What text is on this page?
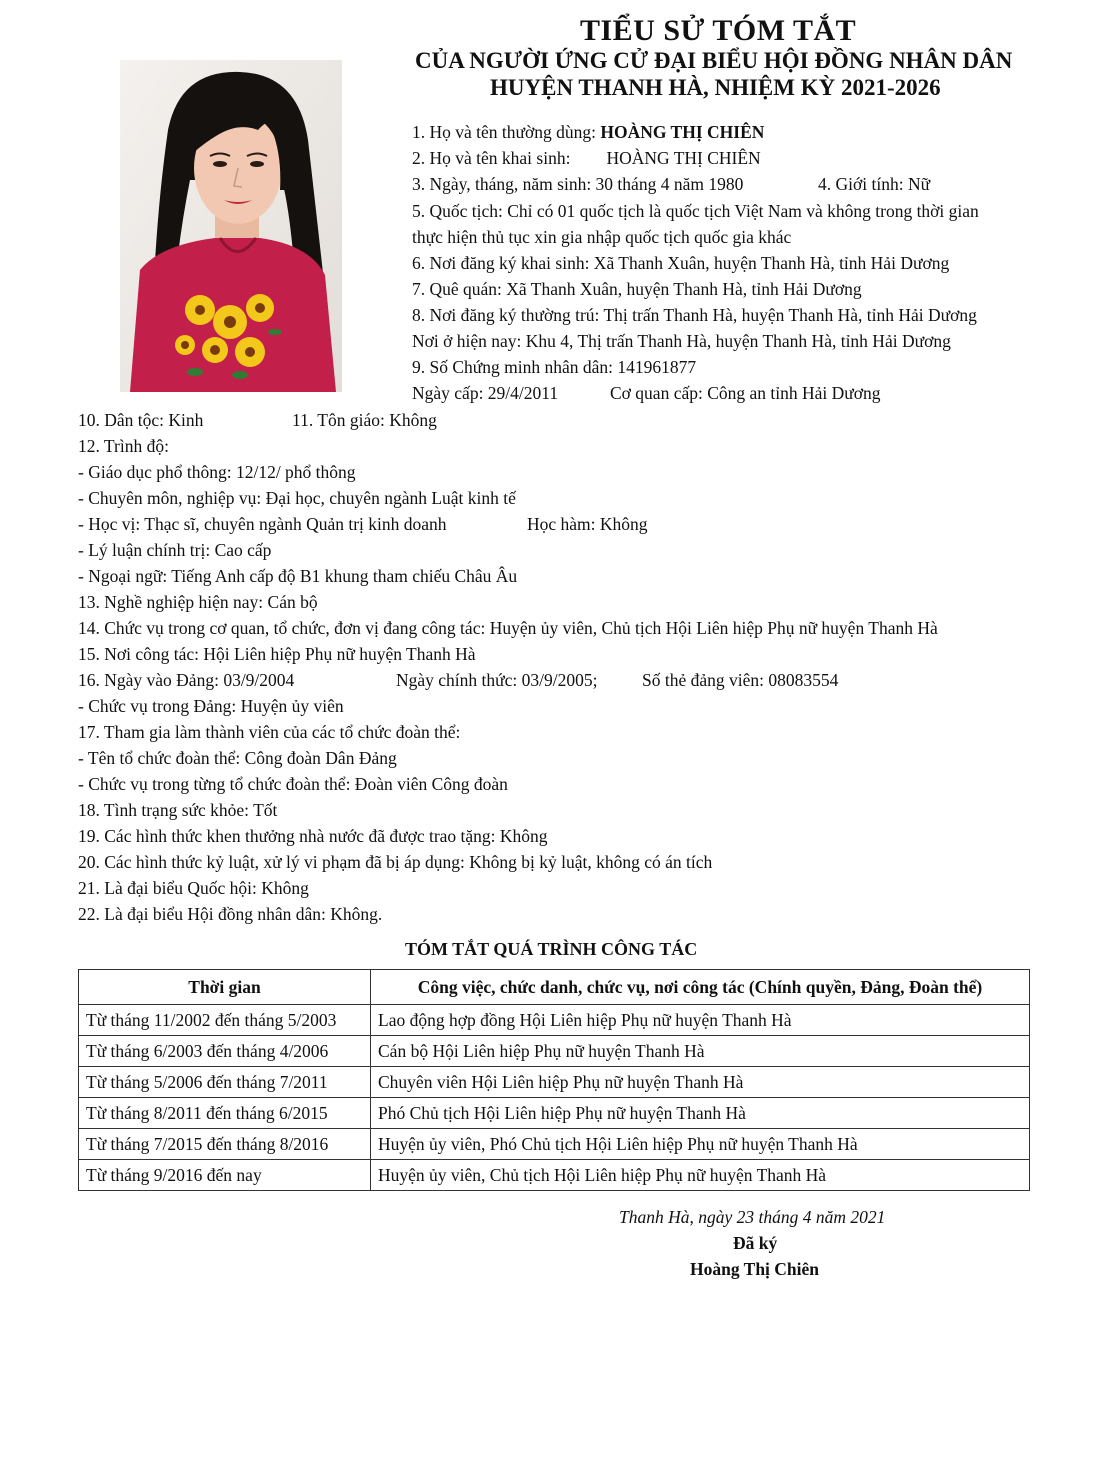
TIỂU SỬ TÓM TẮT
CỦA NGƯỜI ỨNG CỬ ĐẠI BIỂU HỘI ĐỒNG NHÂN DÂN
HUYỆN THANH HÀ, NHIỆM KỲ 2021-2026
1. Họ và tên thường dùng: HOÀNG THỊ CHIÊN
2. Họ và tên khai sinh: HOÀNG THỊ CHIÊN
3. Ngày, tháng, năm sinh: 30 tháng 4 năm 1980	4. Giới tính: Nữ
5. Quốc tịch: Chỉ có 01 quốc tịch là quốc tịch Việt Nam và không trong thời gian
thực hiện thủ tục xin gia nhập quốc tịch quốc gia khác
6. Nơi đăng ký khai sinh: Xã Thanh Xuân, huyện Thanh Hà, tỉnh Hải Dương
7. Quê quán: Xã Thanh Xuân, huyện Thanh Hà, tỉnh Hải Dương
8. Nơi đăng ký thường trú: Thị trấn Thanh Hà, huyện Thanh Hà, tỉnh Hải Dương
Nơi ở hiện nay: Khu 4, Thị trấn Thanh Hà, huyện Thanh Hà, tỉnh Hải Dương
9. Số Chứng minh nhân dân: 141961877
Ngày cấp: 29/4/2011	Cơ quan cấp: Công an tỉnh Hải Dương
10. Dân tộc: Kinh	11. Tôn giáo: Không
12. Trình độ:
- Giáo dục phổ thông: 12/12/ phổ thông
- Chuyên môn, nghiệp vụ: Đại học, chuyên ngành Luật kinh tế
- Học vị: Thạc sĩ, chuyên ngành Quản trị kinh doanh	Học hàm: Không
- Lý luận chính trị: Cao cấp
- Ngoại ngữ: Tiếng Anh cấp độ B1 khung tham chiếu Châu Âu
13. Nghề nghiệp hiện nay: Cán bộ
14. Chức vụ trong cơ quan, tổ chức, đơn vị đang công tác: Huyện ủy viên, Chủ tịch Hội Liên hiệp Phụ nữ huyện Thanh Hà
15. Nơi công tác: Hội Liên hiệp Phụ nữ huyện Thanh Hà
16. Ngày vào Đảng: 03/9/2004	Ngày chính thức: 03/9/2005;	Số thẻ đảng viên: 08083554
- Chức vụ trong Đảng: Huyện ủy viên
17. Tham gia làm thành viên của các tổ chức đoàn thể:
- Tên tổ chức đoàn thể: Công đoàn Dân Đảng
- Chức vụ trong từng tổ chức đoàn thể: Đoàn viên Công đoàn
18. Tình trạng sức khỏe: Tốt
19. Các hình thức khen thưởng nhà nước đã được trao tặng: Không
20. Các hình thức kỷ luật, xử lý vi phạm đã bị áp dụng: Không bị kỷ luật, không có án tích
21. Là đại biểu Quốc hội: Không
22. Là đại biểu Hội đồng nhân dân: Không.
TÓM TẮT QUÁ TRÌNH CÔNG TÁC
Thời gian	Công việc, chức danh, chức vụ, nơi công tác (Chính quyền, Đảng, Đoàn thể)
Từ tháng 11/2002 đến tháng 5/2003	Lao động hợp đồng Hội Liên hiệp Phụ nữ huyện Thanh Hà
Từ tháng 6/2003 đến tháng 4/2006	Cán bộ Hội Liên hiệp Phụ nữ huyện Thanh Hà
Từ tháng 5/2006 đến tháng 7/2011	Chuyên viên Hội Liên hiệp Phụ nữ huyện Thanh Hà
Từ tháng 8/2011 đến tháng 6/2015	Phó Chủ tịch Hội Liên hiệp Phụ nữ huyện Thanh Hà
Từ tháng 7/2015 đến tháng 8/2016	Huyện ủy viên, Phó Chủ tịch Hội Liên hiệp Phụ nữ huyện Thanh Hà
Từ tháng 9/2016 đến nay	Huyện ủy viên, Chủ tịch Hội Liên hiệp Phụ nữ huyện Thanh Hà
Thanh Hà, ngày 23 tháng 4 năm 2021
Đã ký
Hoàng Thị Chiên
